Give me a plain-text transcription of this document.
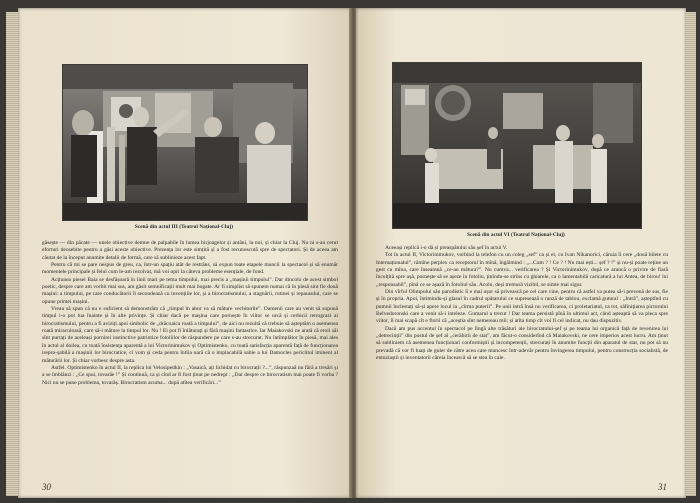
Scenă din actul III (Teatrul Național-Cluj)

găsește — din păcate — unele obiective demne de palpabile în lumea birjoagelor și antăni, la noi, și chiar la Cluj. Nu ni s-au cerut eforturi deosebite pentru a găsi aceste obiective. Prezența lor este simțită și a fost recunoscută spre de spectatori. Și de aceea am căutat de la început anumite detalii de formă, care să sublinieze acest fapt.

Pentru că mi se pare nespus de greu, ca, într-un spațiu atât de restrâns, să expun toate etapele muncii la spectacol și să enumăr momentele principale și felul cum le-am rezolvat, mă voi opri la câteva probleme esențiale, de fond.

Acțiunea piesei Baia se desfășoară în linii mari pe tema timpului, mai precis a „mașinii timpului”. Dar dincolo de acest simbol poetic, despre care am vorbit mai sus, am găsit semnificații mult mai bogate. Ar fi simplist să spunem numai că în piesă sint fie două mașini: a timpului, pe care conducătorii îl secondează cu invențiile lor, și a birocratismului, a stagnării, rutinei și repausului, care se opune primei mașini.

Vreau să spun că nu e suficient să demonstrăm că „timpul în abur va să măture vechiturile”. Oamenii care au venit să supună timpul i-o pot lua înainte și în alte privințe. Și chiar dacă pe mașina care pornește în viitor se urcă și cerbicii retrograzi ai birocratismului, pentru a fi aviziți apoi simbolic de „drăcoaica roată a timpului”, de aici nu rezultă că trebuie să așteptăm o asemenea roată miraculoasă, care să-i măture la timpul lor. Nu ! Ei pot fi înlăturați și fără mașini fantastice. Iar Maiakovski ne arată că eroii săi sînt purtați de aceleași pornirei instinctive patriotice fotoliilor de răspundere pe care s-au strecurat. Nu întîmplător în piesă, mai ales în actul al doilea, cu toată însistența aparentă a lui Victorinimukov și Optimistenko, cu toată satisfacția aparentă față de funcționarea irepro-șabilă a mașinii lor birocratice, ci vom și ceda pentru întîia oară că o implacabilă sabie a lui Damocles periclitul iminent al măturării lor. Și chiar vorbesc despre asta.

Astfel. Optimistenko în actul II, la replica lui Velosipedkin : „Vasaică, ați lichidat cu birocrații ?...”, răspunzaă nu fără a tresări și a se îmblânzi : „Ce spui, tovarăe !” Și continuă, ca și cînd ar fi fost ținut pe nedrept : „Dar despre ce birocratism mai poate fi vorba ? Nici nu se pune problema, tovarăș. Birocratism acuma... după atîtea verificări...”

30
Scenă din actul VI (Teatrul Național-Cluj)

Aceeași replică i-o dă și preaspătului său șef în actul V.

Tot în actul II, Victorinimukov, vorbind la telefon cu un coleg „sef” ca și el, cu Ivan Nikanorici, căruia îi cere „două bilete cu Internaționalul”, rămîne perplex ca receptorul în mînă, îngăimind : „...Cum ? ! Ce ? ! Nu mai ești... șef ? !” și nu-și poate reține un gest cu mîna, care înseamnă „ce-au mătura?”. Nu cumva... verificarea ? Și Victorinimukov, după ce aruncă o privire de fiară încolțită spre ușă, pornește să se așeze in fotoliu, ținîndu-se strîns cu ghiarele, ca o lamentabilă caricatură a lui Antea, de birou! lui „responsabil”, pînă ce se așază în fotoliul său. Acolo, deși tremură vizibil, se simte mai sigur.

Din vîrful Olimpului său parodistic îi e mai ușor să privească pe cel care vine, pentru că astfel va putea să-i prevenă de sus, fie și în propria. Apoi, întimindu-și glasul în cadrul spătarului ce supresează o ranză de tablou, exclamă gutural : „Intră”, așteptînd cu pumnii înclestați să-și apere locul la „cîrma puterii”. Pe unii intră însă nu verificarea, ci proletariatul, ca tot, săfinițiarea pictorului Belvedoronski care a venit să-i inteleze. Gumarul a trecut ! Dar teama persistă pînă în ultimul act, când așteaptă să va pleca spre viitor, îl mai scapă cît e florii că „aceștia sînt nemereau mii; și atîta timp cît voi fi cel indicat, nu dau dispozitiv.

Dacă am pus accentul în spectacol pe lîngă alte trăsături ale birocratului-șef și pe teama lui organică față de revenirea lui „detrecinții” din postul de șef al „cerăbirii de stat”, am făcut-o considerînd că Maiakovski, ne cere imperios acest lucru. Am ținut să subliniem că asemenea funcționari conformiștii și incompetenții, strecurați în anumite funcții din aparatul de stat, nu pot să nu prevadă că vor fi luați de guler de către acea care muncesc într-adevăr pentru învingerea timpului, pentru construcția socialistă, de entuziaștii și inventatorii căreia încearcă să se stea în cale.

31
